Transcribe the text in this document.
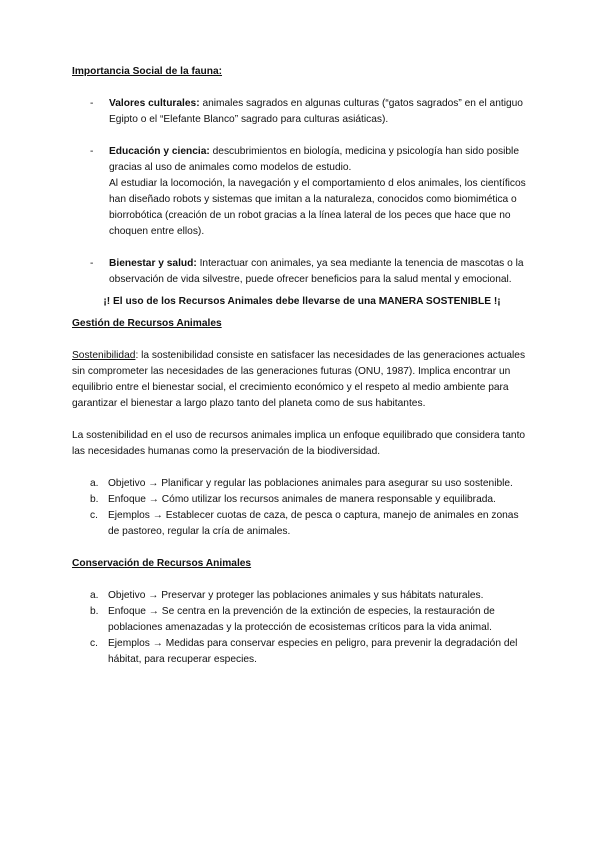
Importancia Social de la fauna:

- Valores culturales: animales sagrados en algunas culturas (“gatos sagrados” en el antiguo Egipto o el “Elefante Blanco” sagrado para culturas asiáticas).
- Educación y ciencia: descubrimientos en biología, medicina y psicología han sido posible gracias al uso de animales como modelos de estudio.
Al estudiar la locomoción, la navegación y el comportamiento d elos animales, los científicos han diseñado robots y sistemas que imitan a la naturaleza, conocidos como biomimética o biorrobótica (creación de un robot gracias a la línea lateral de los peces que hace que no choquen entre ellos).
- Bienestar y salud: Interactuar con animales, ya sea mediante la tenencia de mascotas o la observación de vida silvestre, puede ofrecer beneficios para la salud mental y emocional.

¡! El uso de los Recursos Animales debe llevarse de una MANERA SOSTENIBLE !¡

Gestión de Recursos Animales

Sostenibilidad: la sostenibilidad consiste en satisfacer las necesidades de las generaciones actuales sin comprometer las necesidades de las generaciones futuras (ONU, 1987). Implica encontrar un equilibrio entre el bienestar social, el crecimiento económico y el respeto al medio ambiente para garantizar el bienestar a largo plazo tanto del planeta como de sus habitantes.

La sostenibilidad en el uso de recursos animales implica un enfoque equilibrado que considera tanto las necesidades humanas como la preservación de la biodiversidad.

a. Objetivo → Planificar y regular las poblaciones animales para asegurar su uso sostenible.
b. Enfoque → Cómo utilizar los recursos animales de manera responsable y equilibrada.
c. Ejemplos → Establecer cuotas de caza, de pesca o captura, manejo de animales en zonas de pastoreo, regular la cría de animales.

Conservación de Recursos Animales

a. Objetivo → Preservar y proteger las poblaciones animales y sus hábitats naturales.
b. Enfoque → Se centra en la prevención de la extinción de especies, la restauración de poblaciones amenazadas y la protección de ecosistemas críticos para la vida animal.
c. Ejemplos → Medidas para conservar especies en peligro, para prevenir la degradación del hábitat, para recuperar especies.
